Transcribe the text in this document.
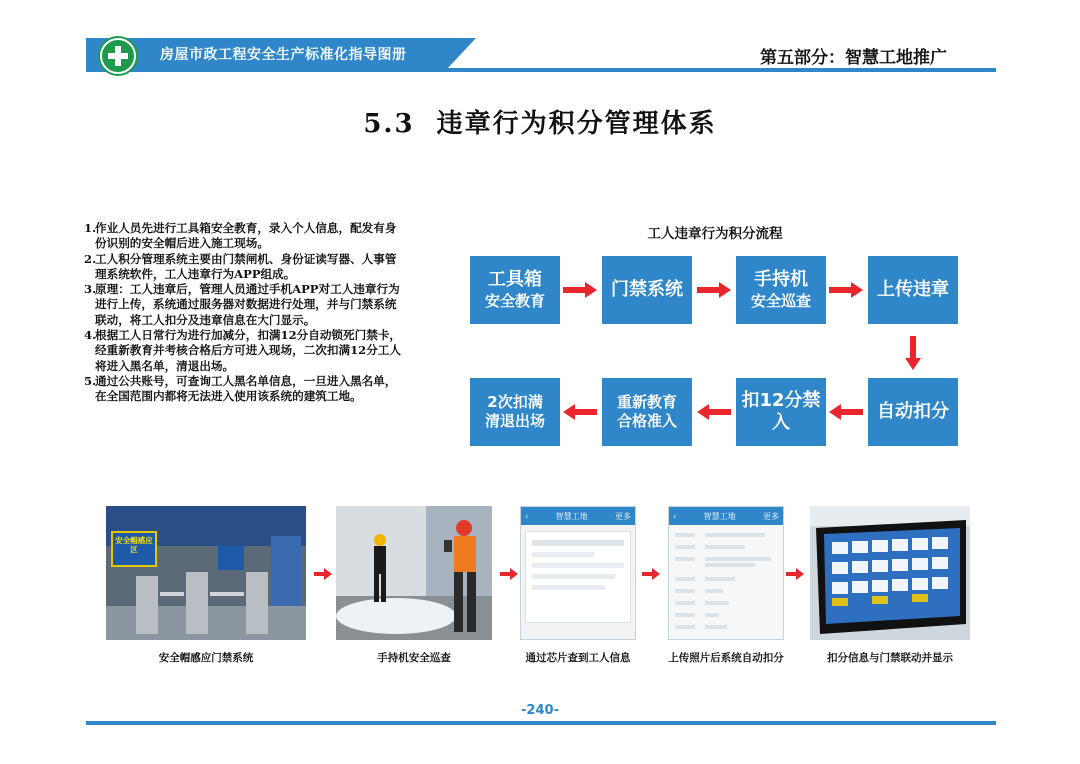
房屋市政工程安全生产标准化指导图册	第五部分：智慧工地推广
5.3  违章行为积分管理体系
1.
作业人员先进行工具箱安全教育，录入个人信息，配发有身份识别的安全帽后进入施工现场。
2.
工人积分管理系统主要由门禁闸机、身份证读写器、人事管理系统软件，工人违章行为APP组成。
3.
原理：工人违章后，管理人员通过手机APP对工人违章行为进行上传，系统通过服务器对数据进行处理，并与门禁系统联动，将工人扣分及违章信息在大门显示。
4.
根据工人日常行为进行加减分，扣满12分自动锁死门禁卡，经重新教育并考核合格后方可进入现场，二次扣满12分工人将进入黑名单，清退出场。
5.
通过公共账号，可查询工人黑名单信息，一旦进入黑名单，在全国范围内都将无法进入使用该系统的建筑工地。
工人违章行为积分流程
工具箱
安全教育
门禁系统	手持机
安全巡查
上传违章
2次扣满
清退出场
重新教育
合格准入
扣12分禁入
自动扣分
安全帽感应区
‹	智慧工地	更多	‹	智慧工地	更多
安全帽感应门禁系统	手持机安全巡查	通过芯片查到工人信息	上传照片后系统自动扣分	扣分信息与门禁联动并显示
-240-
